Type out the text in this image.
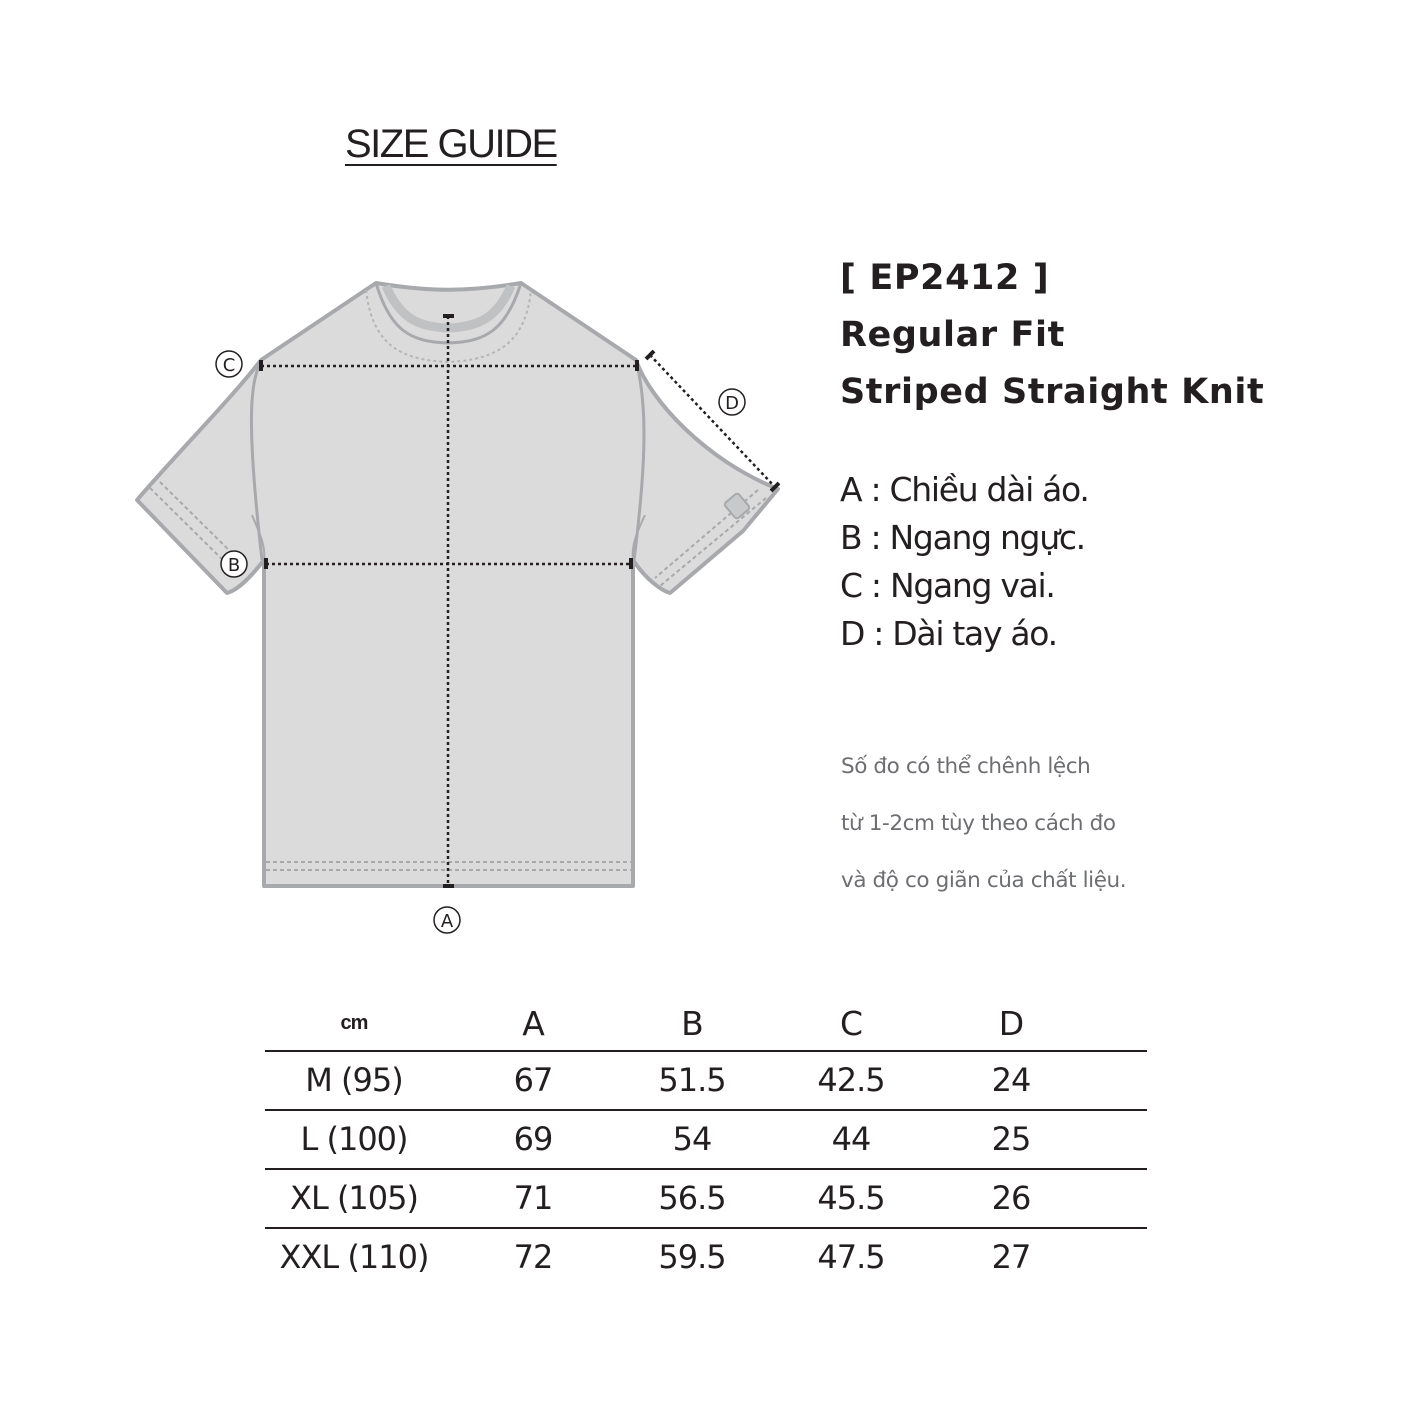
SIZE GUIDE
A
B
C
D
[ EP2412 ]
Regular Fit
Striped Straight Knit
A : Chiều dài áo.
B : Ngang ngực.
C : Ngang vai.
D : Dài tay áo.
Số đo có thể chênh lệch
từ 1-2cm tùy theo cách đo
và độ co giãn của chất liệu.
cm	A	B	C	D
M (95)	67	51.5	42.5	24
L (100)	69	54	44	25
XL (105)	71	56.5	45.5	26
XXL (110)	72	59.5	47.5	27
